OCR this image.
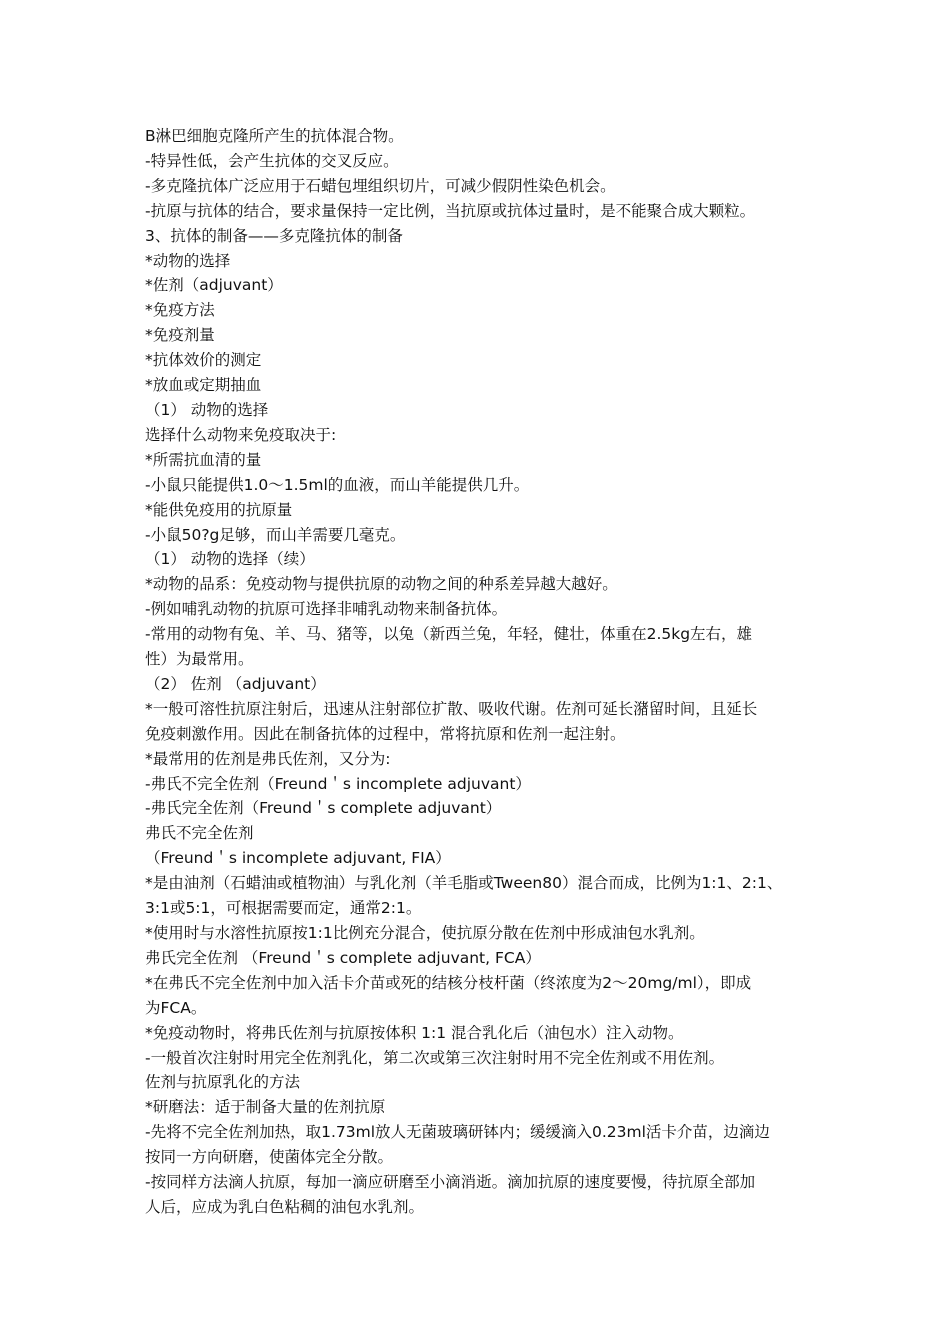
B淋巴细胞克隆所产生的抗体混合物。

-特异性低，会产生抗体的交叉反应。

-多克隆抗体广泛应用于石蜡包埋组织切片，可减少假阴性染色机会。

-抗原与抗体的结合，要求量保持一定比例，当抗原或抗体过量时，是不能聚合成大颗粒。

3、抗体的制备——多克隆抗体的制备

*动物的选择

*佐剂（adjuvant）

*免疫方法

*免疫剂量

*抗体效价的测定

*放血或定期抽血

（1） 动物的选择

选择什么动物来免疫取决于:

*所需抗血清的量

-小鼠只能提供1.0～1.5ml的血液，而山羊能提供几升。

*能供免疫用的抗原量

-小鼠50?g足够，而山羊需要几毫克。

（1） 动物的选择（续）

*动物的品系：免疫动物与提供抗原的动物之间的种系差异越大越好。

-例如哺乳动物的抗原可选择非哺乳动物来制备抗体。

-常用的动物有兔、羊、马、猪等，以兔（新西兰兔，年轻，健壮，体重在2.5kg左右，雄

性）为最常用。

（2） 佐剂 （adjuvant）

*一般可溶性抗原注射后，迅速从注射部位扩散、吸收代谢。佐剂可延长潴留时间，且延长

免疫刺激作用。因此在制备抗体的过程中，常将抗原和佐剂一起注射。

*最常用的佐剂是弗氏佐剂，又分为:

-弗氏不完全佐剂（Freund＇s incomplete adjuvant）

-弗氏完全佐剂（Freund＇s complete adjuvant）

弗氏不完全佐剂

（Freund＇s incomplete adjuvant, FIA）

*是由油剂（石蜡油或植物油）与乳化剂（羊毛脂或Tween80）混合而成，比例为1:1、2:1、

3:1或5:1，可根据需要而定，通常2:1。

*使用时与水溶性抗原按1:1比例充分混合，使抗原分散在佐剂中形成油包水乳剂。

弗氏完全佐剂 （Freund＇s complete adjuvant, FCA）

*在弗氏不完全佐剂中加入活卡介苗或死的结核分枝杆菌（终浓度为2～20mg/ml），即成

为FCA。

*免疫动物时，将弗氏佐剂与抗原按体积 1:1 混合乳化后（油包水）注入动物。

-一般首次注射时用完全佐剂乳化，第二次或第三次注射时用不完全佐剂或不用佐剂。

佐剂与抗原乳化的方法

*研磨法：适于制备大量的佐剂抗原

-先将不完全佐剂加热，取1.73ml放人无菌玻璃研钵内；缓缓滴入0.23ml活卡介苗，边滴边

按同一方向研磨，使菌体完全分散。

-按同样方法滴人抗原，每加一滴应研磨至小滴消逝。滴加抗原的速度要慢，待抗原全部加

人后，应成为乳白色粘稠的油包水乳剂。
